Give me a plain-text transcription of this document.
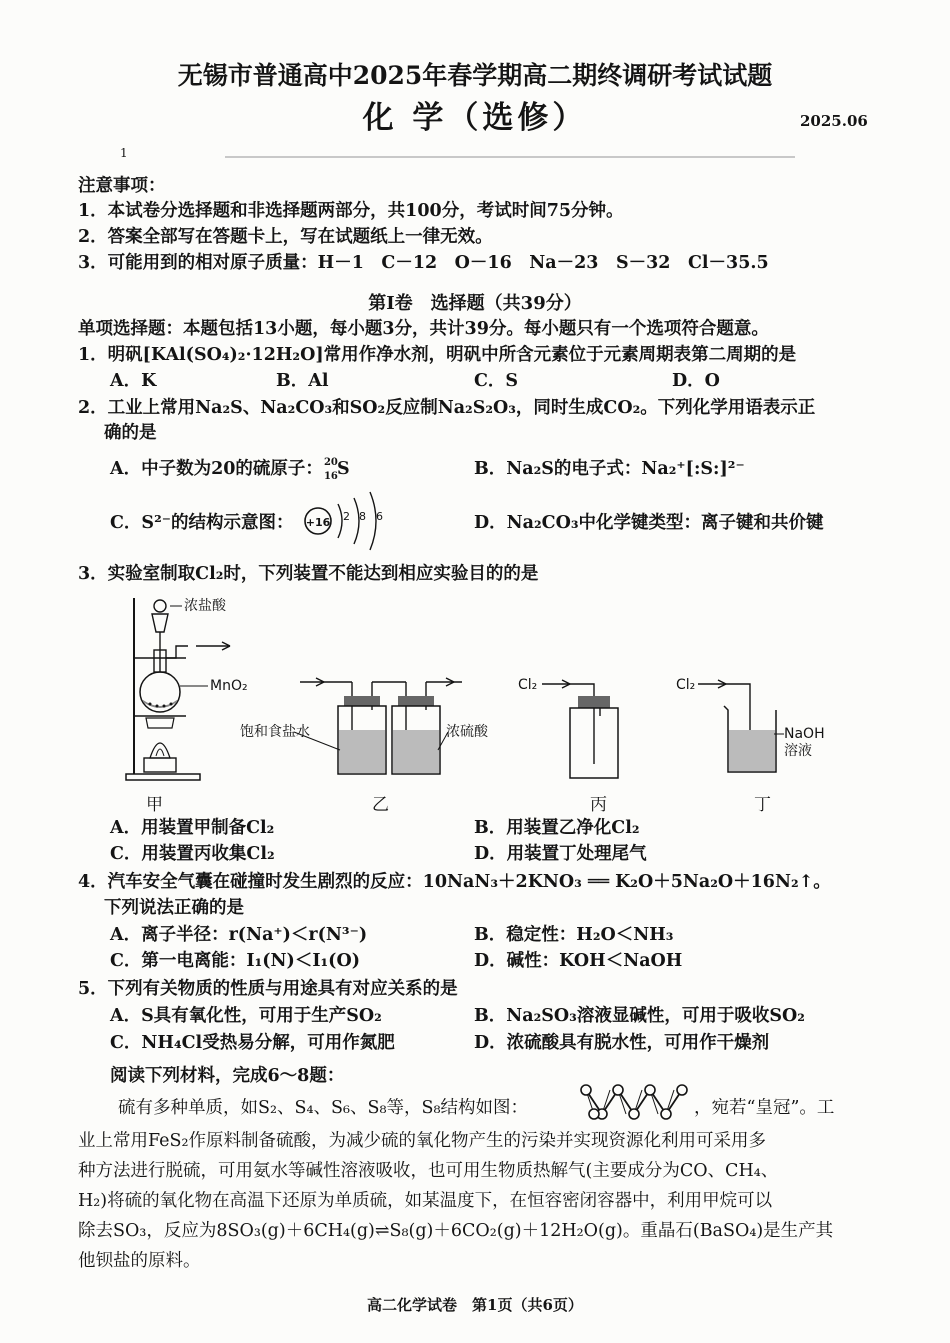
无锡市普通高中2025年春学期高二期终调研考试试题
化 学（选修）	2025.06
1
注意事项：
1．本试卷分选择题和非选择题两部分，共100分，考试时间75分钟。
2．答案全部写在答题卡上，写在试题纸上一律无效。
3．可能用到的相对原子质量：H－1　C－12　O－16　Na－23　S－32　Cl－35.5
第Ⅰ卷　选择题（共39分）
单项选择题：本题包括13小题，每小题3分，共计39分。每小题只有一个选项符合题意。
1．明矾[KAl(SO₄)₂·12H₂O]常用作净水剂，明矾中所含元素位于元素周期表第二周期的是
A．K	B．Al	C．S	D．O
2．工业上常用Na₂S、Na₂CO₃和SO₂反应制Na₂S₂O₃，同时生成CO₂。下列化学用语表示正
确的是
A．中子数为20的硫原子： 20
16 S	B．Na₂S的电子式：Na₂⁺[:S:]²⁻
C．S²⁻的结构示意图： +16 2 8 6	D．Na₂CO₃中化学键类型：离子键和共价键
3．实验室制取Cl₂时，下列装置不能达到相应实验目的的是
浓盐酸
MnO₂
甲
饱和食盐水	浓硫酸
乙
Cl₂
丙
Cl₂
NaOH
溶液
丁
A．用装置甲制备Cl₂	B．用装置乙净化Cl₂
C．用装置丙收集Cl₂	D．用装置丁处理尾气
4．汽车安全气囊在碰撞时发生剧烈的反应：10NaN₃＋2KNO₃ ══ K₂O＋5Na₂O＋16N₂↑。
下列说法正确的是
A．离子半径：r(Na⁺)＜r(N³⁻)	B．稳定性：H₂O＜NH₃
C．第一电离能：I₁(N)＜I₁(O)	D．碱性：KOH＜NaOH
5．下列有关物质的性质与用途具有对应关系的是
A．S具有氧化性，可用于生产SO₂	B．Na₂SO₃溶液显碱性，可用于吸收SO₂
C．NH₄Cl受热易分解，可用作氮肥	D．浓硫酸具有脱水性，可用作干燥剂
阅读下列材料，完成6～8题：
硫有多种单质，如S₂、S₄、S₆、S₈等，S₈结构如图：	，宛若“皇冠”。工
业上常用FeS₂作原料制备硫酸，为减少硫的氧化物产生的污染并实现资源化利用可采用多
种方法进行脱硫，可用氨水等碱性溶液吸收，也可用生物质热解气(主要成分为CO、CH₄、
H₂)将硫的氧化物在高温下还原为单质硫，如某温度下，在恒容密闭容器中，利用甲烷可以
除去SO₃，反应为8SO₃(g)＋6CH₄(g)⇌S₈(g)＋6CO₂(g)＋12H₂O(g)。重晶石(BaSO₄)是生产其
他钡盐的原料。
高二化学试卷　第1页（共6页）
